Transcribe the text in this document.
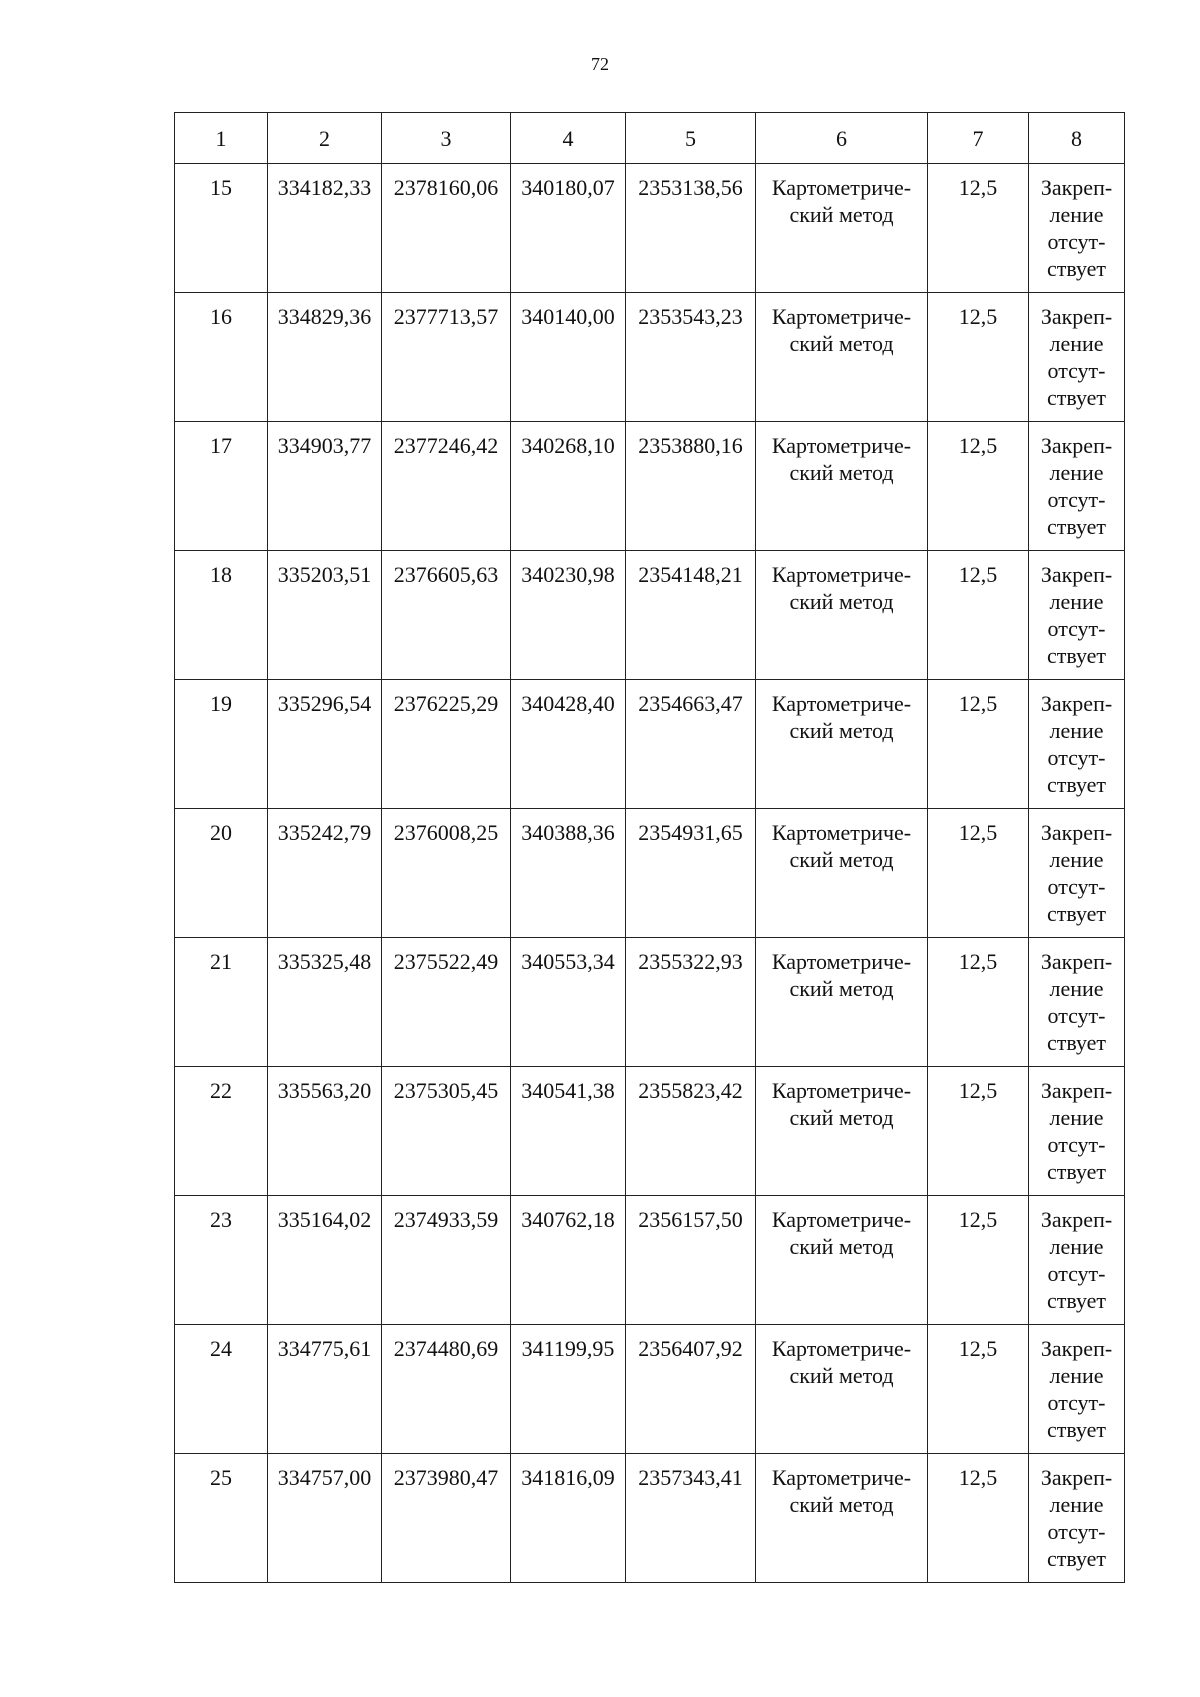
72
1	2	3	4	5	6	7	8
15	334182,33	2378160,06	340180,07	2353138,56	Картометриче-
ский метод	12,5	Закреп-
ление
отсут-
ствует

16	334829,36	2377713,57	340140,00	2353543,23	Картометриче-
ский метод	12,5	Закреп-
ление
отсут-
ствует

17	334903,77	2377246,42	340268,10	2353880,16	Картометриче-
ский метод	12,5	Закреп-
ление
отсут-
ствует

18	335203,51	2376605,63	340230,98	2354148,21	Картометриче-
ский метод	12,5	Закреп-
ление
отсут-
ствует

19	335296,54	2376225,29	340428,40	2354663,47	Картометриче-
ский метод	12,5	Закреп-
ление
отсут-
ствует

20	335242,79	2376008,25	340388,36	2354931,65	Картометриче-
ский метод	12,5	Закреп-
ление
отсут-
ствует

21	335325,48	2375522,49	340553,34	2355322,93	Картометриче-
ский метод	12,5	Закреп-
ление
отсут-
ствует

22	335563,20	2375305,45	340541,38	2355823,42	Картометриче-
ский метод	12,5	Закреп-
ление
отсут-
ствует

23	335164,02	2374933,59	340762,18	2356157,50	Картометриче-
ский метод	12,5	Закреп-
ление
отсут-
ствует

24	334775,61	2374480,69	341199,95	2356407,92	Картометриче-
ский метод	12,5	Закреп-
ление
отсут-
ствует

25	334757,00	2373980,47	341816,09	2357343,41	Картометриче-
ский метод	12,5	Закреп-
ление
отсут-
ствует
